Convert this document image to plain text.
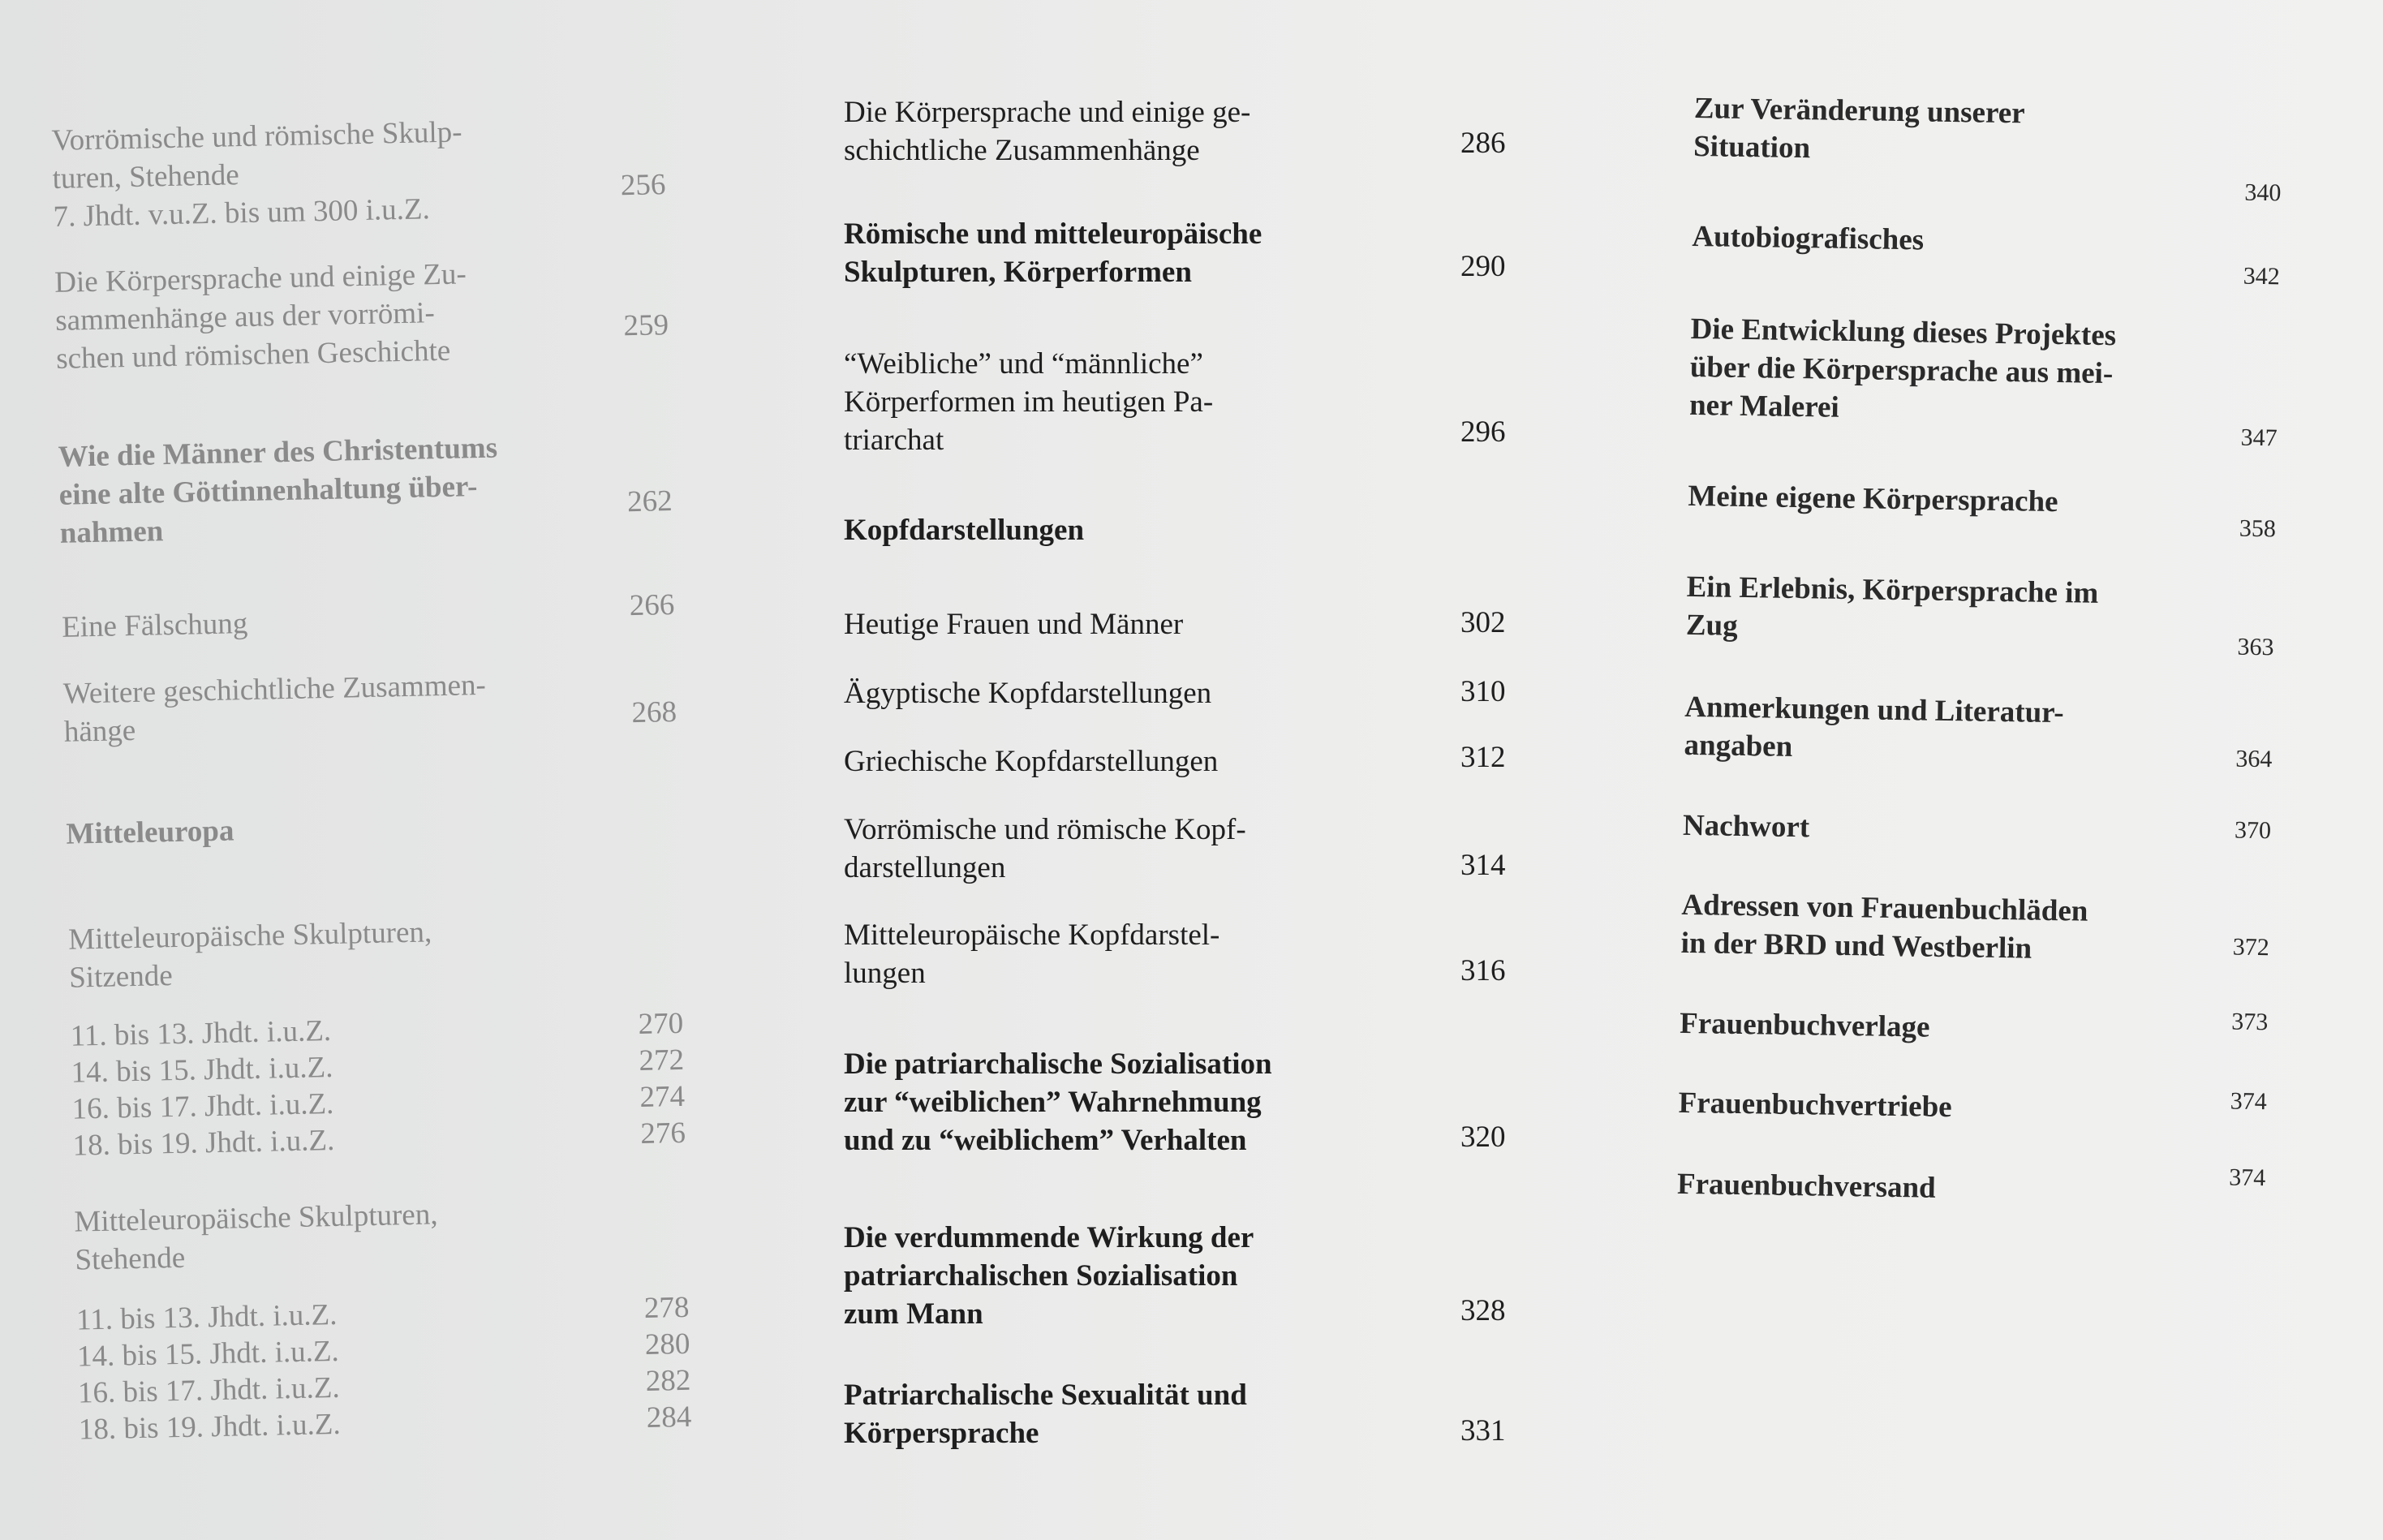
Vorrömische und römische Skulp-
turen, Stehende
7. Jhdt. v.u.Z. bis um 300 i.u.Z.
256
Die Körpersprache und einige Zu-
sammenhänge aus der vorrömi-
schen und römischen Geschichte
259
Wie die Männer des Christentums
eine alte Göttinnenhaltung über-
nahmen
262
Eine Fälschung
266
Weitere geschichtliche Zusammen-
hänge
268
Mitteleuropa
Mitteleuropäische Skulpturen,
Sitzende
11. bis 13. Jhdt. i.u.Z.	270
14. bis 15. Jhdt. i.u.Z.	272
16. bis 17. Jhdt. i.u.Z.	274
18. bis 19. Jhdt. i.u.Z.	276
Mitteleuropäische Skulpturen,
Stehende
11. bis 13. Jhdt. i.u.Z.	278
14. bis 15. Jhdt. i.u.Z.	280
16. bis 17. Jhdt. i.u.Z.	282
18. bis 19. Jhdt. i.u.Z.	284
Die Körpersprache und einige ge-
schichtliche Zusammenhänge	286
Römische und mitteleuropäische
Skulpturen, Körperformen	290
“Weibliche” und “männliche”
Körperformen im heutigen Pa-
triarchat	296
Kopfdarstellungen
Heutige Frauen und Männer	302
Ägyptische Kopfdarstellungen	310
Griechische Kopfdarstellungen	312
Vorrömische und römische Kopf-
darstellungen	314
Mitteleuropäische Kopfdarstel-
lungen	316
Die patriarchalische Sozialisation
zur “weiblichen” Wahrnehmung
und zu “weiblichem” Verhalten	320
Die verdummende Wirkung der
patriarchalischen Sozialisation
zum Mann	328
Patriarchalische Sexualität und
Körpersprache	331
Zur Veränderung unserer
Situation
340
Autobiografisches
342
Die Entwicklung dieses Projektes
über die Körpersprache aus mei-
ner Malerei
347
Meine eigene Körpersprache
358
Ein Erlebnis, Körpersprache im
Zug
363
Anmerkungen und Literatur-
angaben	364
Nachwort	370
Adressen von Frauenbuchläden
in der BRD und Westberlin	372
Frauenbuchverlage	373
Frauenbuchvertriebe	374
Frauenbuchversand	374
